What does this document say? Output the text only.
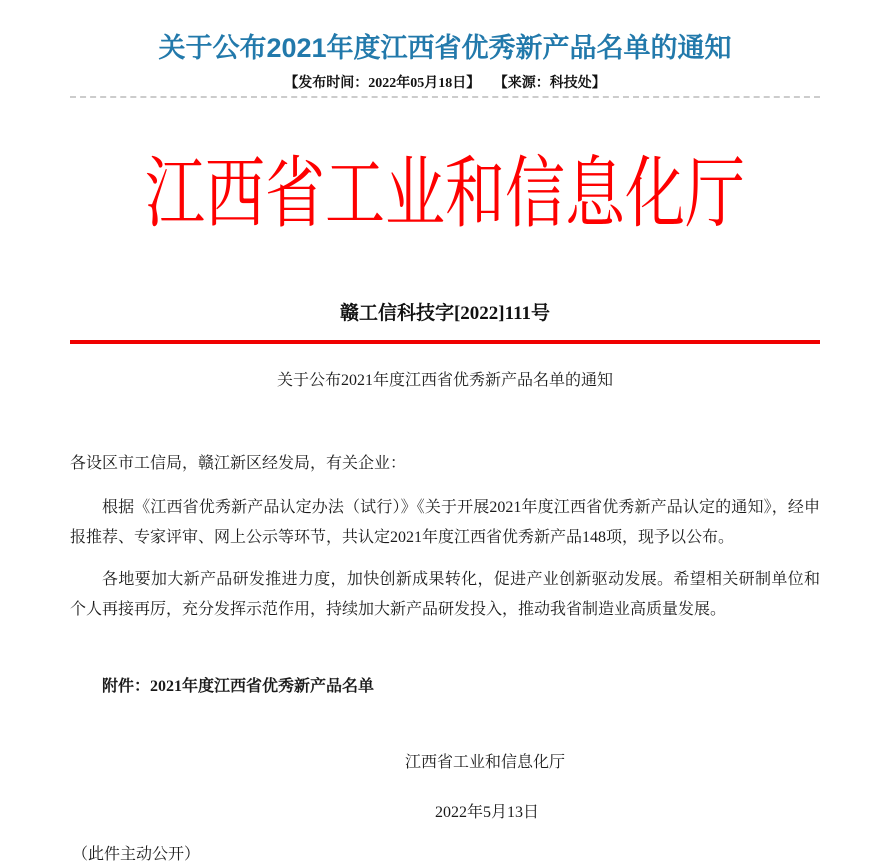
关于公布2021年度江西省优秀新产品名单的通知
【发布时间：2022年05月18日】 【来源：科技处】
江西省工业和信息化厅
赣工信科技字[2022]111号
关于公布2021年度江西省优秀新产品名单的通知
各设区市工信局，赣江新区经发局，有关企业：

根据《江西省优秀新产品认定办法（试行）》《关于开展2021年度江西省优秀新产品认定的通知》，经申报推荐、专家评审、网上公示等环节，共认定2021年度江西省优秀新产品148项，现予以公布。

各地要加大新产品研发推进力度，加快创新成果转化，促进产业创新驱动发展。希望相关研制单位和个人再接再厉，充分发挥示范作用，持续加大新产品研发投入，推动我省制造业高质量发展。

附件：2021年度江西省优秀新产品名单
江西省工业和信息化厅
2022年5月13日
（此件主动公开）
